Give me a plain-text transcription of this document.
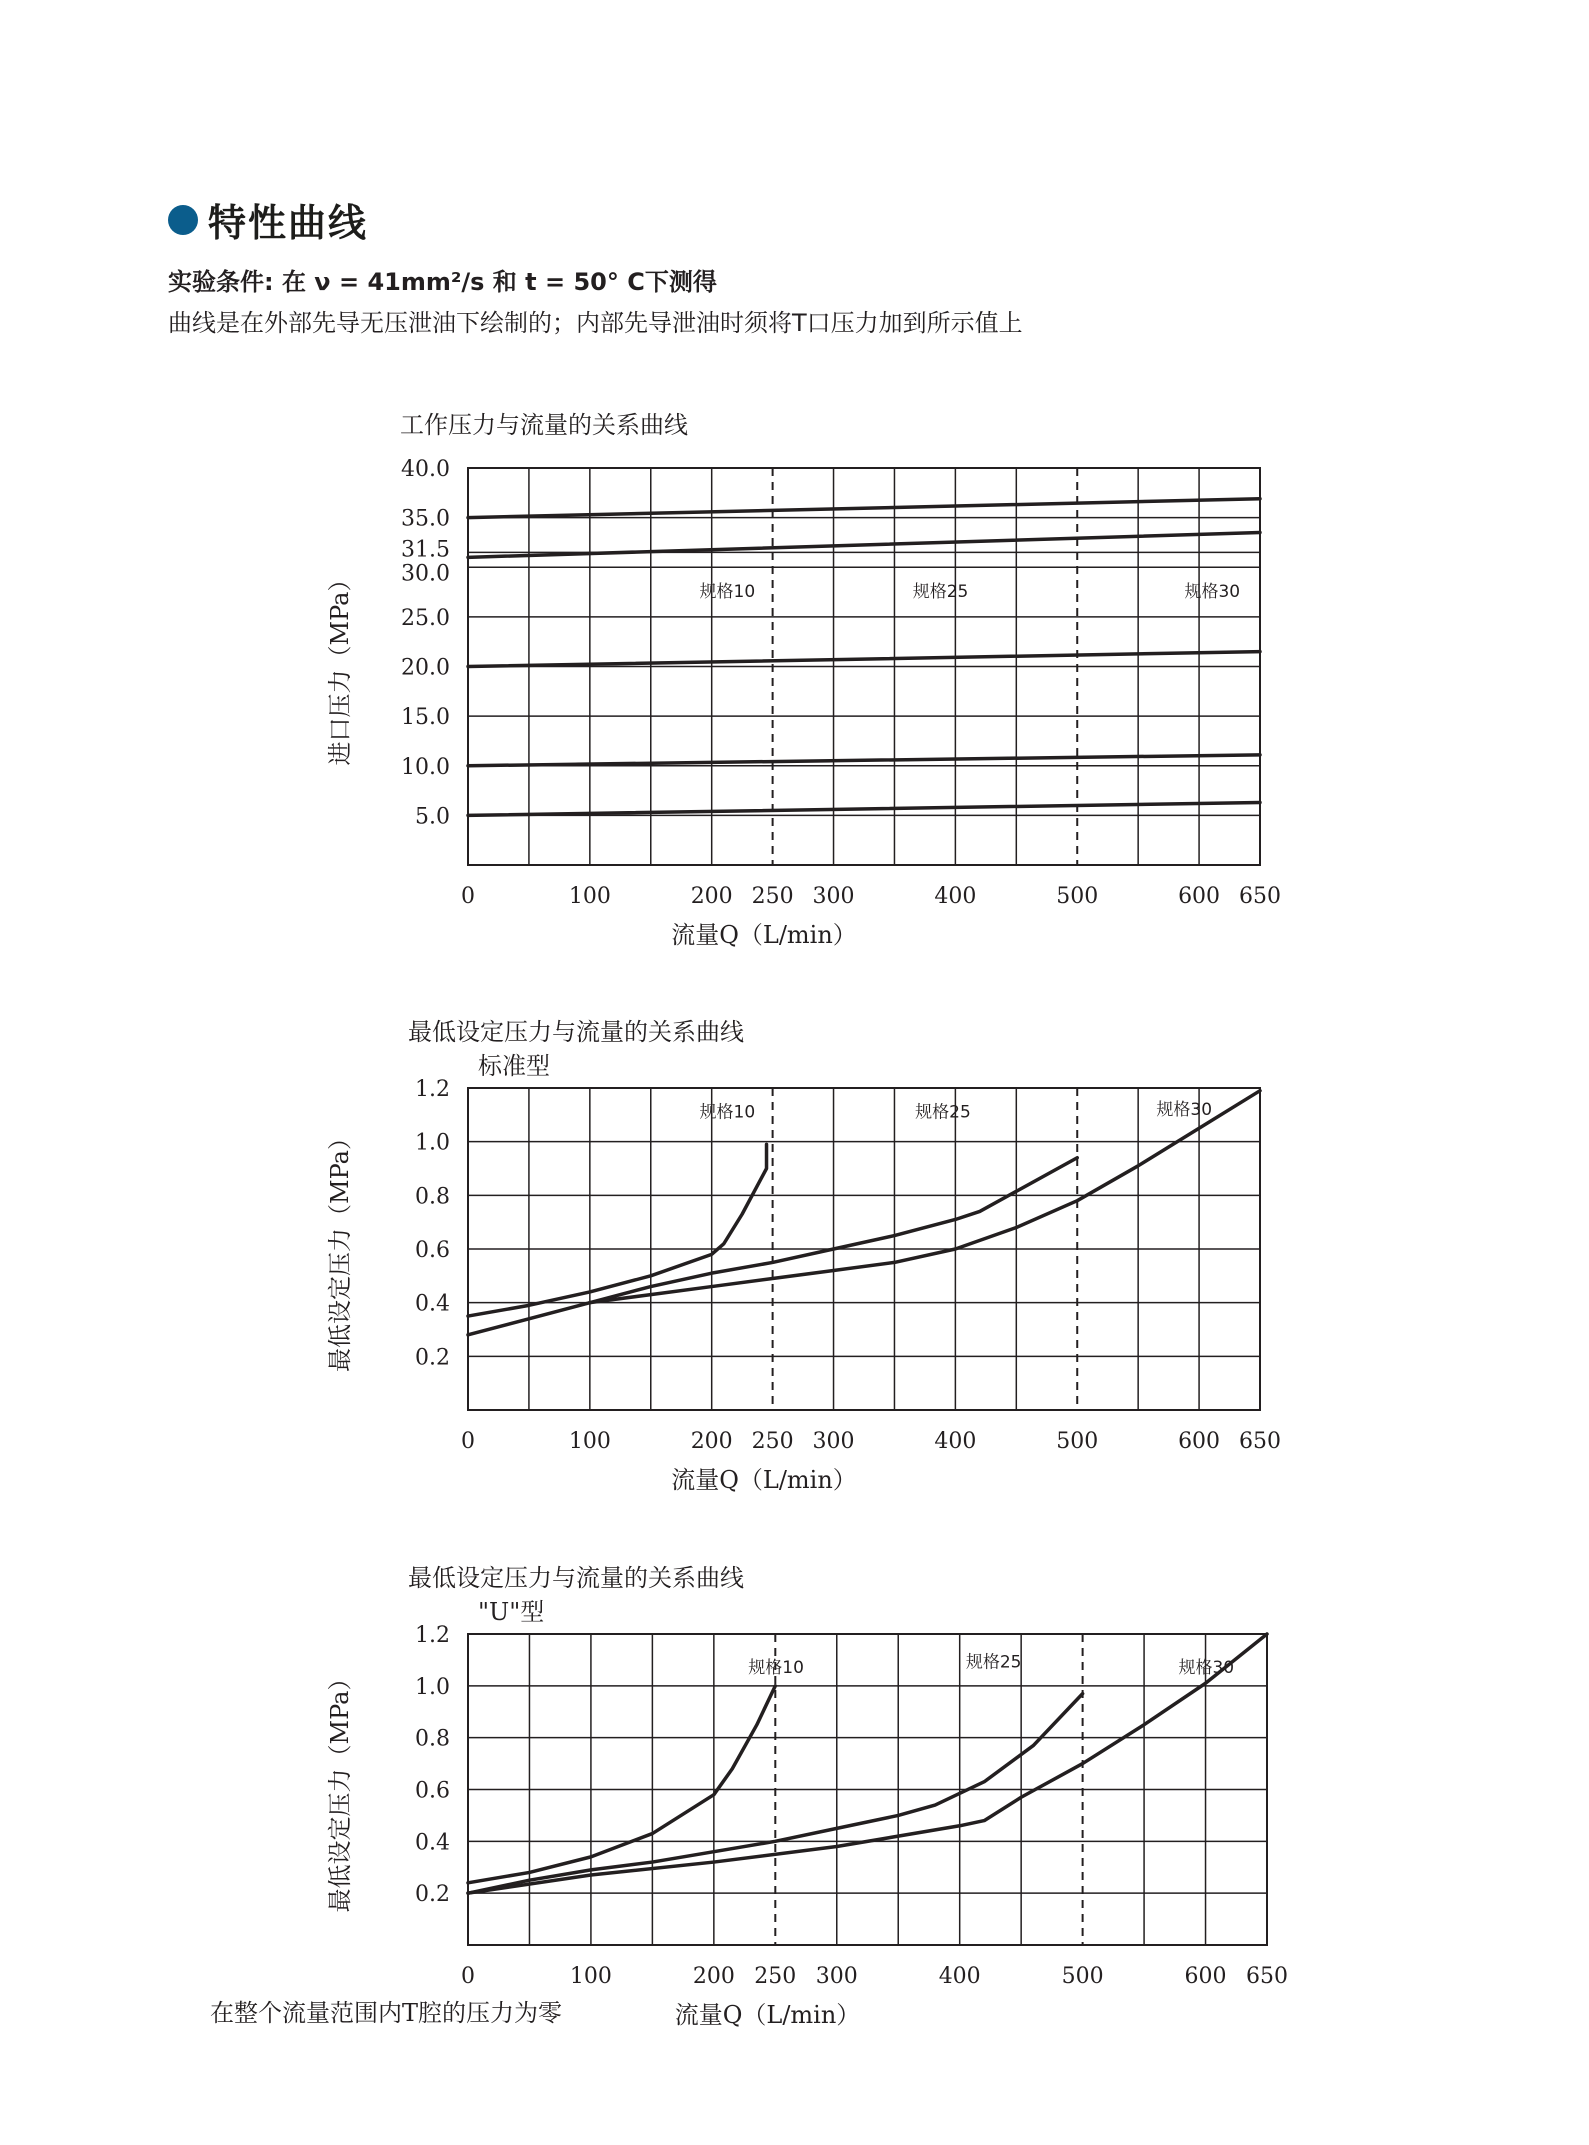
特性曲线
实验条件: 在 ν = 41mm²/s 和 t = 50° C下测得
曲线是在外部先导无压泄油下绘制的；内部先导泄油时须将T口压力加到所示值上
工作压力与流量的关系曲线
0	100	200 250 300	400	500	600 650
5.0
10.0
15.0
20.0
25.0
30.0
31.5
35.0
40.0
流量Q（L/min）
进口压力（MPa）	规格10	规格25	规格30
最低设定压力与流量的关系曲线
标准型
0	100	200 250 300	400	500	600 650
0.2
0.4
0.6
0.8
1.0
1.2
流量Q（L/min）
最低设定压力（MPa）
规格10	规格25	规格30
最低设定压力与流量的关系曲线
"U"型
0	100	200 250 300	400	500	600 650
0.2
0.4
0.6
0.8
1.0
1.2
流量Q（L/min）
最低设定压力（MPa）	规格10	规格25	规格30
在整个流量范围内T腔的压力为零
